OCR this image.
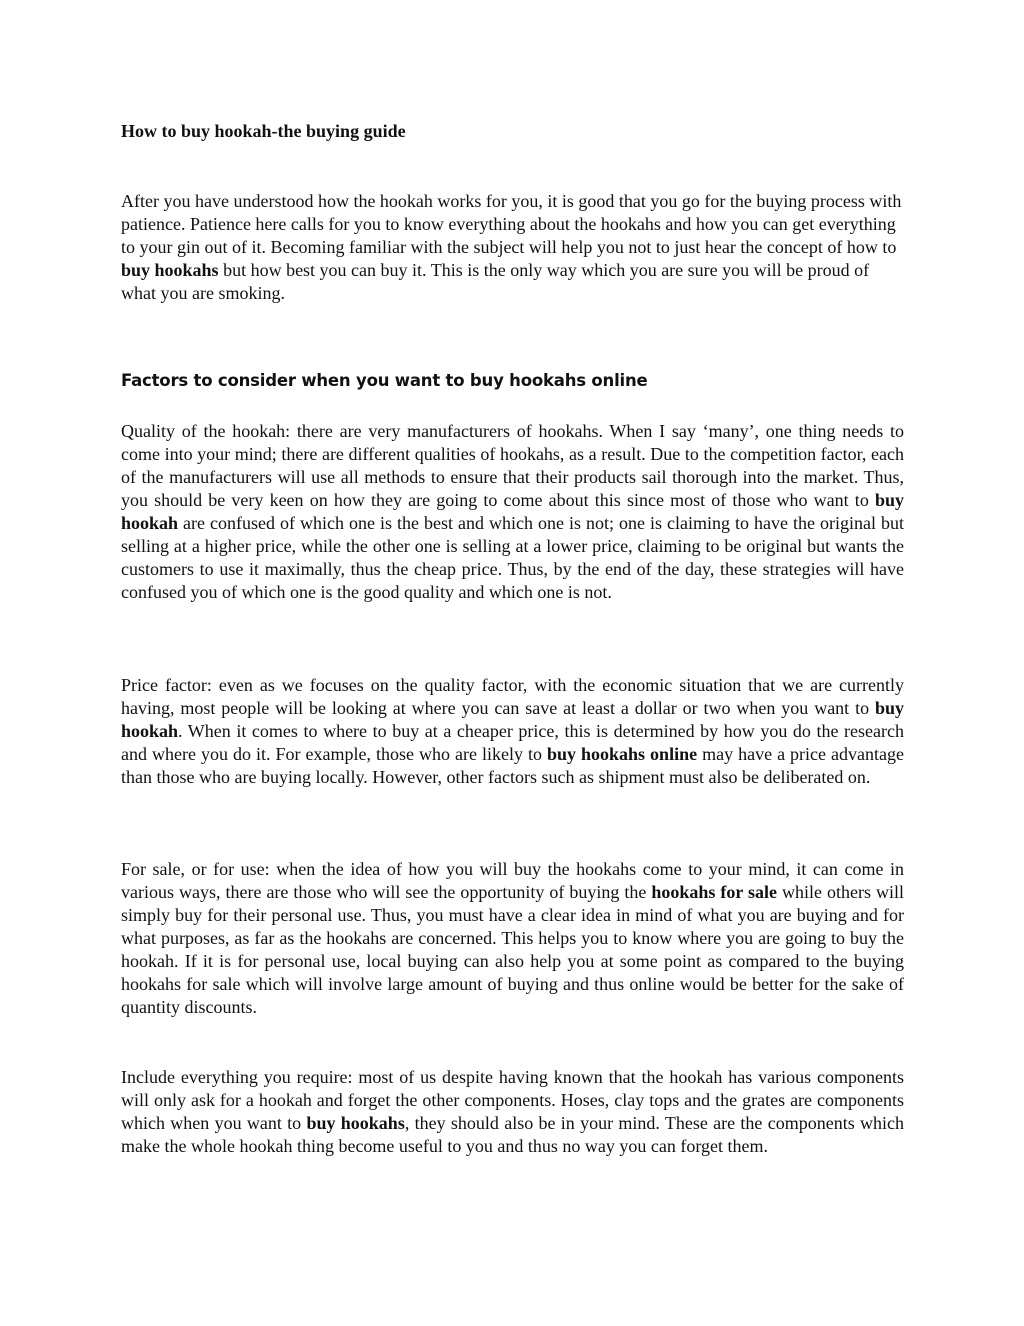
How to buy hookah-the buying guide

After you have understood how the hookah works for you, it is good that you go for the buying process with patience. Patience here calls for you to know everything about the hookahs and how you can get everything to your gin out of it. Becoming familiar with the subject will help you not to just hear the concept of how to buy hookahs but how best you can buy it. This is the only way which you are sure you will be proud of what you are smoking.

Factors to consider when you want to buy hookahs online

Quality of the hookah: there are very manufacturers of hookahs. When I say ‘many’, one thing needs to come into your mind; there are different qualities of hookahs, as a result. Due to the competition factor, each of the manufacturers will use all methods to ensure that their products sail thorough into the market. Thus, you should be very keen on how they are going to come about this since most of those who want to buy hookah are confused of which one is the best and which one is not; one is claiming to have the original but selling at a higher price, while the other one is selling at a lower price, claiming to be original but wants the customers to use it maximally, thus the cheap price. Thus, by the end of the day, these strategies will have confused you of which one is the good quality and which one is not.

Price factor: even as we focuses on the quality factor, with the economic situation that we are currently having, most people will be looking at where you can save at least a dollar or two when you want to buy hookah. When it comes to where to buy at a cheaper price, this is determined by how you do the research and where you do it. For example, those who are likely to buy hookahs online may have a price advantage than those who are buying locally. However, other factors such as shipment must also be deliberated on.

For sale, or for use: when the idea of how you will buy the hookahs come to your mind, it can come in various ways, there are those who will see the opportunity of buying the hookahs for sale while others will simply buy for their personal use. Thus, you must have a clear idea in mind of what you are buying and for what purposes, as far as the hookahs are concerned. This helps you to know where you are going to buy the hookah. If it is for personal use, local buying can also help you at some point as compared to the buying hookahs for sale which will involve large amount of buying and thus online would be better for the sake of quantity discounts.

Include everything you require: most of us despite having known that the hookah has various components will only ask for a hookah and forget the other components. Hoses, clay tops and the grates are components which when you want to buy hookahs, they should also be in your mind. These are the components which make the whole hookah thing become useful to you and thus no way you can forget them.
